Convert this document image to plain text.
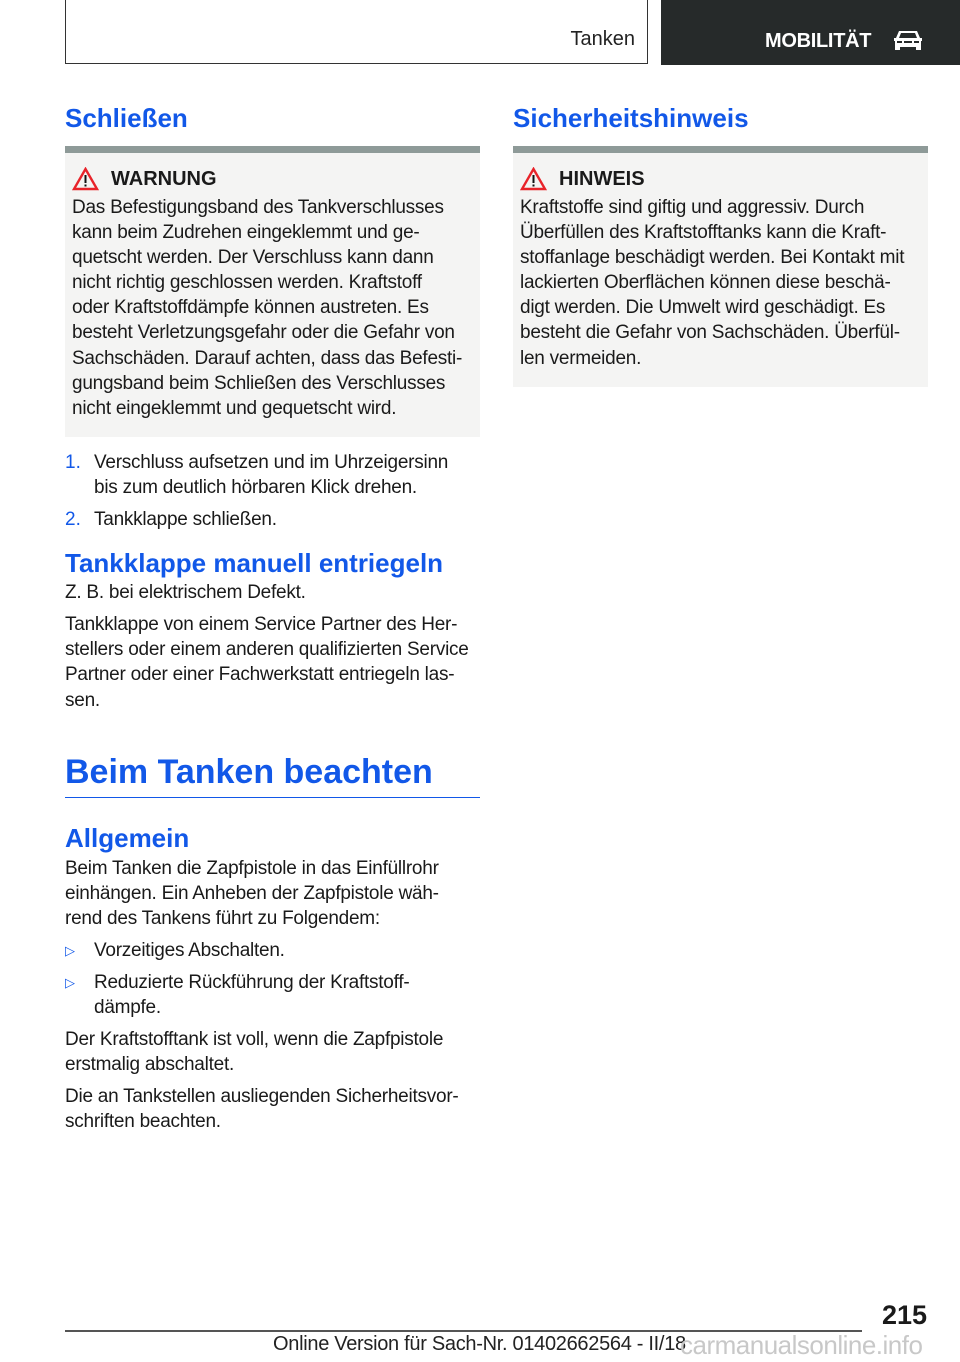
Tanken	MOBILITÄT
Schließen
WARNUNG
Das Befestigungsband des Tankverschlusses
kann beim Zudrehen eingeklemmt und ge-
quetscht werden. Der Verschluss kann dann
nicht richtig geschlossen werden. Kraftstoff
oder Kraftstoffdämpfe können austreten. Es
besteht Verletzungsgefahr oder die Gefahr von
Sachschäden. Darauf achten, dass das Befesti-
gungsband beim Schließen des Verschlusses
nicht eingeklemmt und gequetscht wird.
1. Verschluss aufsetzen und im Uhrzeigersinn
bis zum deutlich hörbaren Klick drehen.
2. Tankklappe schließen.
Tankklappe manuell entriegeln

Z. B. bei elektrischem Defekt.

Tankklappe von einem Service Partner des Her-
stellers oder einem anderen qualifizierten Service
Partner oder einer Fachwerkstatt entriegeln las-
sen.

Beim Tanken beachten
Allgemein

Beim Tanken die Zapfpistole in das Einfüllrohr
einhängen. Ein Anheben der Zapfpistole wäh-
rend des Tankens führt zu Folgendem:

▷	Vorzeitiges Abschalten.
▷	Reduzierte Rückführung der Kraftstoff-
dämpfe.

Der Kraftstofftank ist voll, wenn die Zapfpistole
erstmalig abschaltet.

Die an Tankstellen ausliegenden Sicherheitsvor-
schriften beachten.

Sicherheitshinweis
HINWEIS
Kraftstoffe sind giftig und aggressiv. Durch
Überfüllen des Kraftstofftanks kann die Kraft-
stoffanlage beschädigt werden. Bei Kontakt mit
lackierten Oberflächen können diese beschä-
digt werden. Die Umwelt wird geschädigt. Es
besteht die Gefahr von Sachschäden. Überfül-
len vermeiden.
215
Online Version für Sach-Nr. 01402662564 - II/18
carmanualsonline.info
